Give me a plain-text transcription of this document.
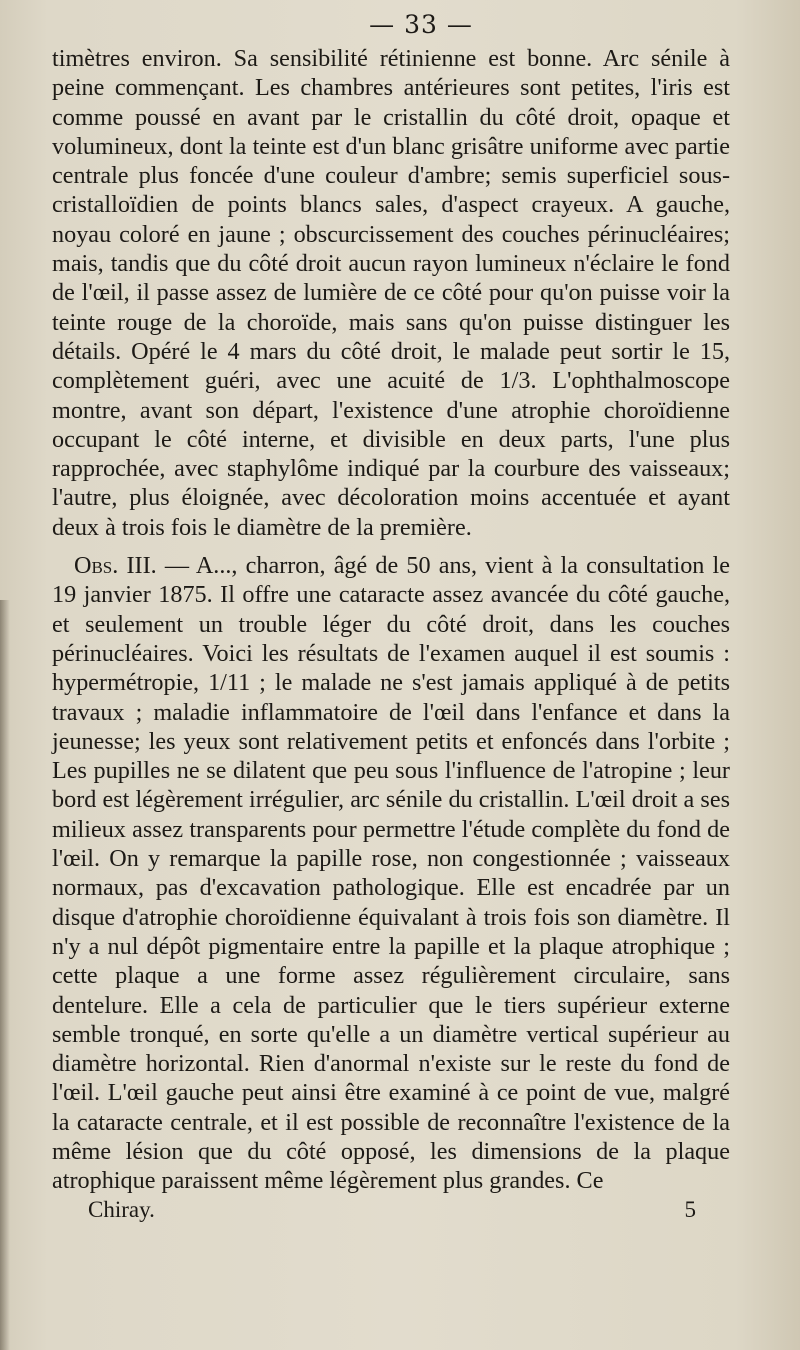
— 33 —

timètres environ. Sa sensibilité rétinienne est bonne. Arc sénile à peine commençant. Les chambres antérieures sont petites, l'iris est comme poussé en avant par le cristallin du côté droit, opaque et volumineux, dont la teinte est d'un blanc grisâtre uniforme avec partie centrale plus foncée d'une couleur d'ambre; semis superficiel sous-cristalloïdien de points blancs sales, d'aspect crayeux. A gauche, noyau coloré en jaune ; obscurcissement des couches périnucléaires; mais, tandis que du côté droit aucun rayon lumineux n'éclaire le fond de l'œil, il passe assez de lumière de ce côté pour qu'on puisse voir la teinte rouge de la choroïde, mais sans qu'on puisse distinguer les détails. Opéré le 4 mars du côté droit, le malade peut sortir le 15, complètement guéri, avec une acuité de 1/3. L'ophthalmoscope montre, avant son départ, l'existence d'une atrophie choroïdienne occupant le côté interne, et divisible en deux parts, l'une plus rapprochée, avec staphylôme indiqué par la courbure des vaisseaux; l'autre, plus éloignée, avec décoloration moins accentuée et ayant deux à trois fois le diamètre de la première.

Obs. III. — A..., charron, âgé de 50 ans, vient à la consultation le 19 janvier 1875. Il offre une cataracte assez avancée du côté gauche, et seulement un trouble léger du côté droit, dans les couches périnucléaires. Voici les résultats de l'examen auquel il est soumis : hypermétropie, 1/11 ; le malade ne s'est jamais appliqué à de petits travaux ; maladie inflammatoire de l'œil dans l'enfance et dans la jeunesse; les yeux sont relativement petits et enfoncés dans l'orbite ; Les pupilles ne se dilatent que peu sous l'influence de l'atropine ; leur bord est légèrement irrégulier, arc sénile du cristallin. L'œil droit a ses milieux assez transparents pour permettre l'étude complète du fond de l'œil. On y remarque la papille rose, non congestionnée ; vaisseaux normaux, pas d'excavation pathologique. Elle est encadrée par un disque d'atrophie choroïdienne équivalant à trois fois son diamètre. Il n'y a nul dépôt pigmentaire entre la papille et la plaque atrophique ; cette plaque a une forme assez régulièrement circulaire, sans dentelure. Elle a cela de particulier que le tiers supérieur externe semble tronqué, en sorte qu'elle a un diamètre vertical supérieur au diamètre horizontal. Rien d'anormal n'existe sur le reste du fond de l'œil. L'œil gauche peut ainsi être examiné à ce point de vue, malgré la cataracte centrale, et il est possible de reconnaître l'existence de la même lésion que du côté opposé, les dimensions de la plaque atrophique paraissent même légèrement plus grandes. Ce

Chiray.	5
